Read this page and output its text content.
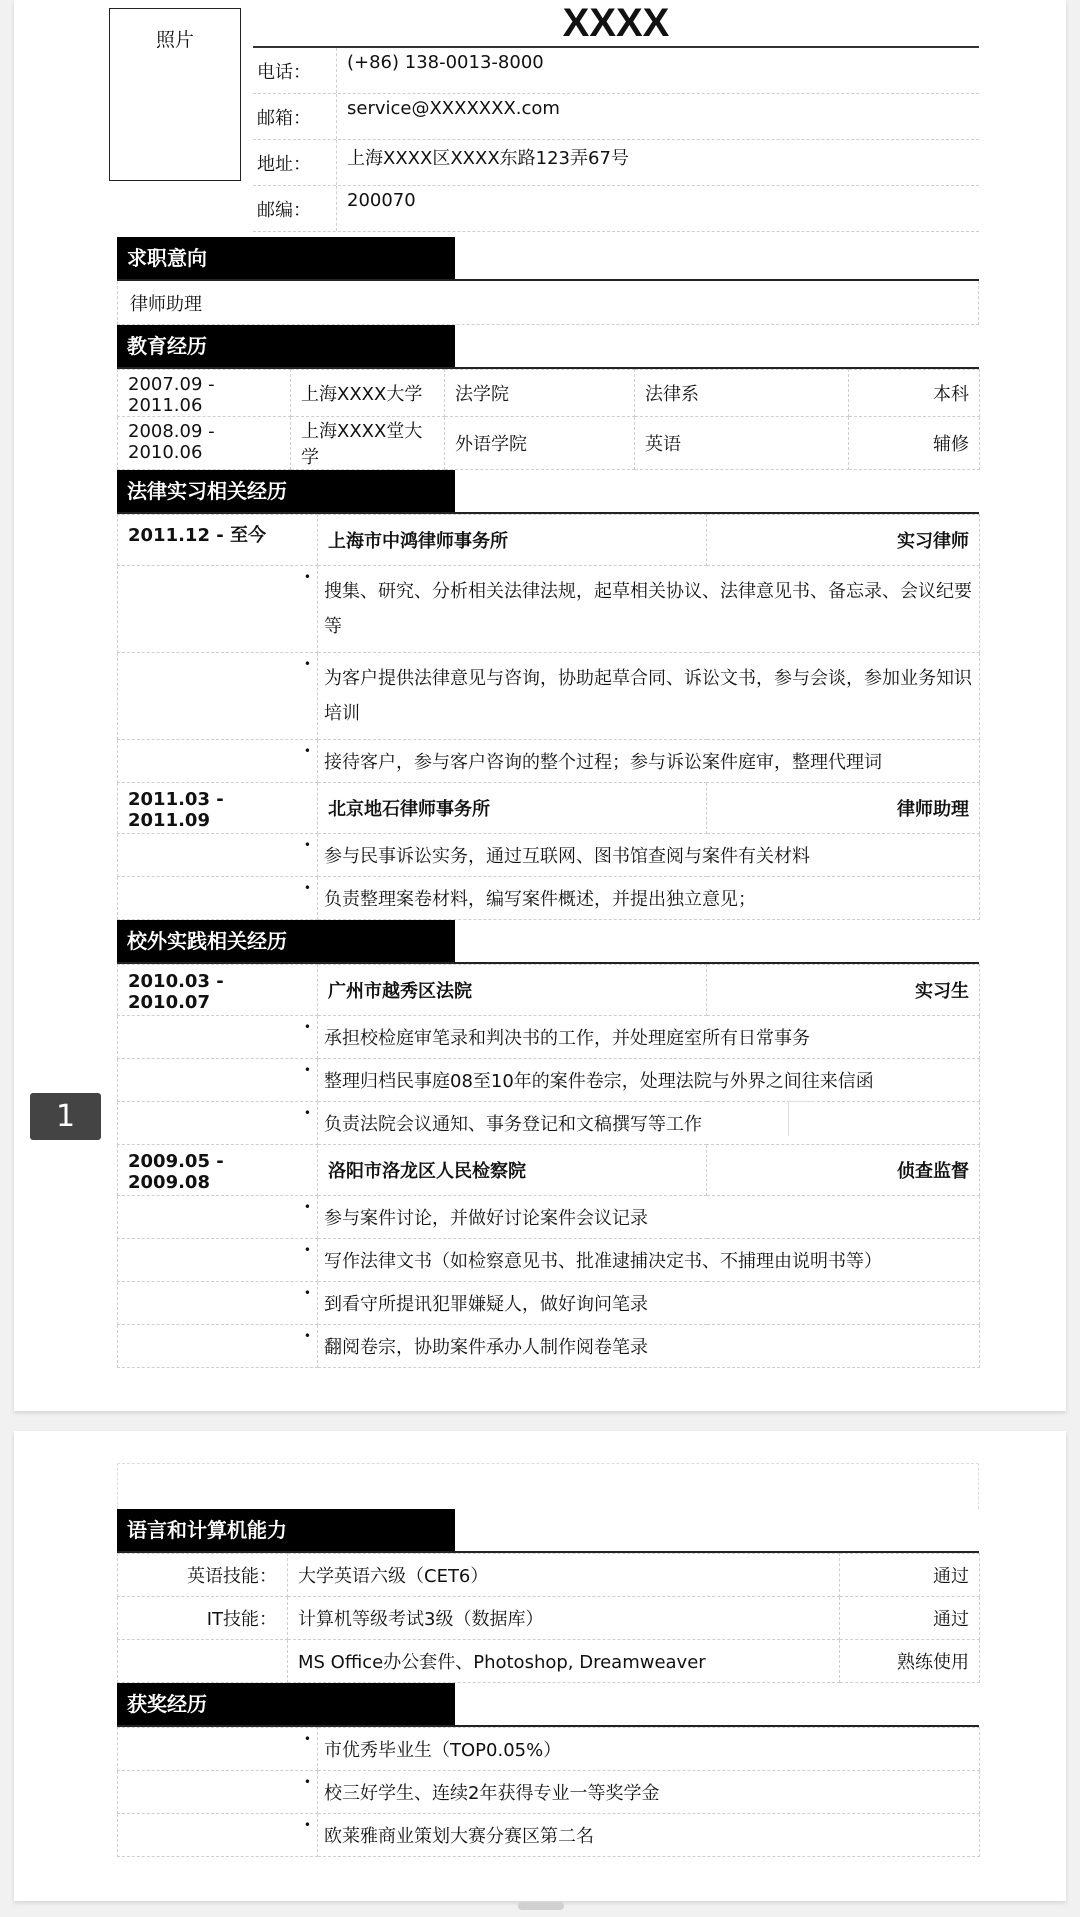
照片	XXXX
电话：	(+86) 138-0013-8000
邮箱：	service@XXXXXXX.com
地址：	上海XXXX区XXXX东路123弄67号
邮编：	200070
求职意向
律师助理
教育经历
2007.09 - 2011.06	上海XXXX大学	法学院	法律系	本科
2008.09 - 2010.06	上海XXXX堂大学	外语学院	英语	辅修
法律实习相关经历
2011.12 - 至今	上海市中鸿律师事务所	实习律师
•	搜集、研究、分析相关法律法规，起草相关协议、法律意见书、备忘录、会议纪要等	
•	为客户提供法律意见与咨询，协助起草合同、诉讼文书，参与会谈，参加业务知识培训	
•	接待客户，参与客户咨询的整个过程；参与诉讼案件庭审，整理代理词	
2011.03 - 2011.09	北京地石律师事务所	律师助理
•	参与民事诉讼实务，通过互联网、图书馆查阅与案件有关材料	
•	负责整理案卷材料，编写案件概述，并提出独立意见；	
校外实践相关经历
2010.03 - 2010.07	广州市越秀区法院	实习生
•	承担校检庭审笔录和判决书的工作，并处理庭室所有日常事务	
•	整理归档民事庭08至10年的案件卷宗，处理法院与外界之间往来信函	
•	负责法院会议通知、事务登记和文稿撰写等工作	
2009.05 - 2009.08	洛阳市洛龙区人民检察院	侦查监督
•	参与案件讨论，并做好讨论案件会议记录	
•	写作法律文书（如检察意见书、批准逮捕决定书、不捕理由说明书等）	
•	到看守所提讯犯罪嫌疑人，做好询问笔录	
•	翻阅卷宗，协助案件承办人制作阅卷笔录	
1
语言和计算机能力
英语技能：	大学英语六级（CET6）	通过
IT技能：	计算机等级考试3级（数据库）	通过
	MS Office办公套件、Photoshop, Dreamweaver	熟练使用
获奖经历
•	市优秀毕业生（TOP0.05%）
•	校三好学生、连续2年获得专业一等奖学金
•	欧莱雅商业策划大赛分赛区第二名
